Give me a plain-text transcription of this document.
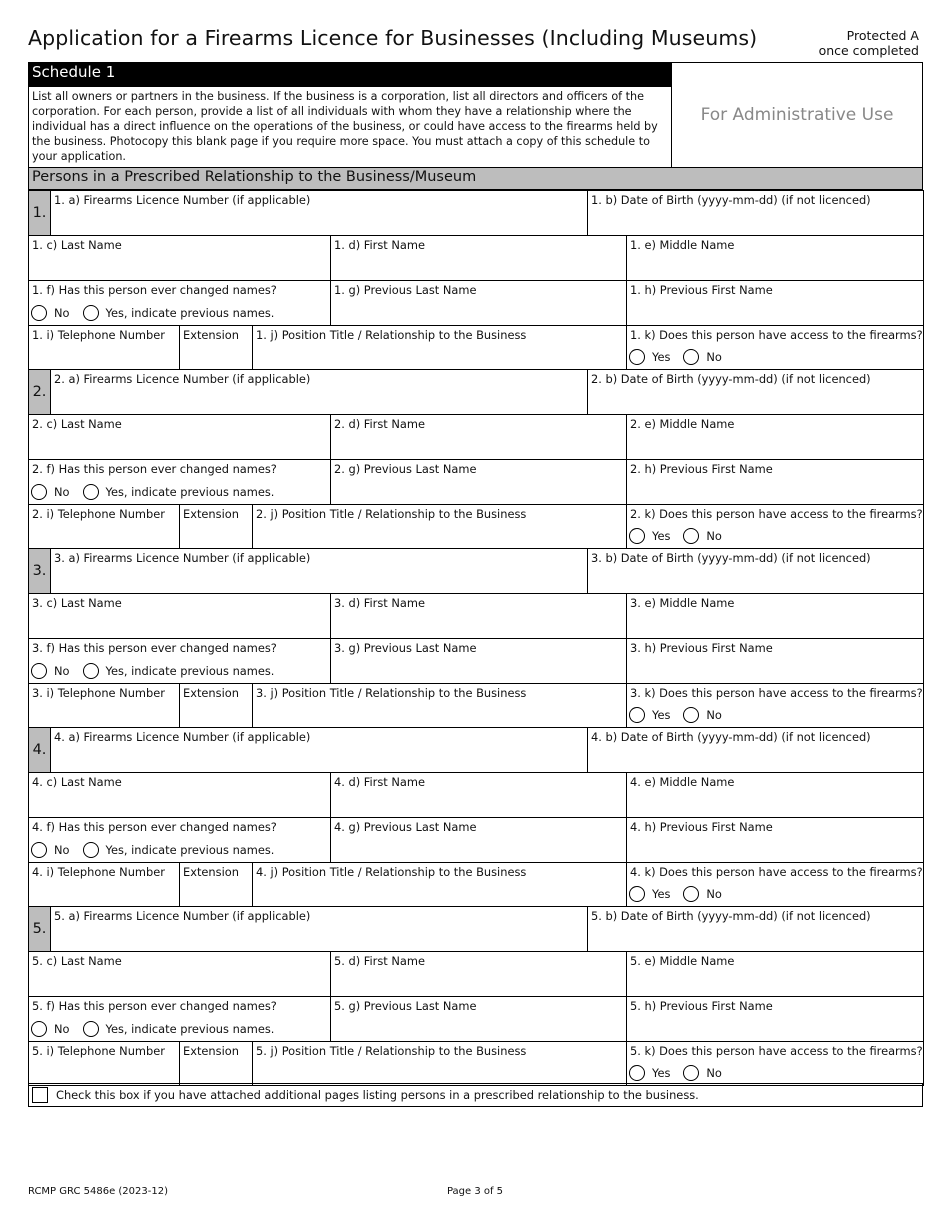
Application for a Firearms Licence for Businesses (Including Museums)	Protected A
once completed
Schedule 1
List all owners or partners in the business. If the business is a corporation, list all directors and officers of the corporation. For each person, provide a list of all individuals with whom they have a relationship where the individual has a direct influence on the operations of the business, or could have access to the firearms held by the business. Photocopy this blank page if you require more space. You must attach a copy of this schedule to your application.
For Administrative Use
Persons in a Prescribed Relationship to the Business/Museum
1.
1. a) Firearms Licence Number (if applicable)	1. b) Date of Birth (yyyy-mm-dd) (if not licenced)
1. c) Last Name	1. d) First Name	1. e) Middle Name
1. f) Has this person ever changed names?
No	Yes, indicate previous names.
1. g) Previous Last Name	1. h) Previous First Name
1. i) Telephone Number	Extension	1. j) Position Title / Relationship to the Business	1. k) Does this person have access to the firearms?
Yes	No
2.
2. a) Firearms Licence Number (if applicable)	2. b) Date of Birth (yyyy-mm-dd) (if not licenced)
2. c) Last Name	2. d) First Name	2. e) Middle Name
2. f) Has this person ever changed names?
No	Yes, indicate previous names.
2. g) Previous Last Name	2. h) Previous First Name
2. i) Telephone Number	Extension	2. j) Position Title / Relationship to the Business	2. k) Does this person have access to the firearms?
Yes	No
3.
3. a) Firearms Licence Number (if applicable)	3. b) Date of Birth (yyyy-mm-dd) (if not licenced)
3. c) Last Name	3. d) First Name	3. e) Middle Name
3. f) Has this person ever changed names?
No	Yes, indicate previous names.
3. g) Previous Last Name	3. h) Previous First Name
3. i) Telephone Number	Extension	3. j) Position Title / Relationship to the Business	3. k) Does this person have access to the firearms?
Yes	No
4.
4. a) Firearms Licence Number (if applicable)	4. b) Date of Birth (yyyy-mm-dd) (if not licenced)
4. c) Last Name	4. d) First Name	4. e) Middle Name
4. f) Has this person ever changed names?
No	Yes, indicate previous names.
4. g) Previous Last Name	4. h) Previous First Name
4. i) Telephone Number	Extension	4. j) Position Title / Relationship to the Business	4. k) Does this person have access to the firearms?
Yes	No
5.
5. a) Firearms Licence Number (if applicable)	5. b) Date of Birth (yyyy-mm-dd) (if not licenced)
5. c) Last Name	5. d) First Name	5. e) Middle Name
5. f) Has this person ever changed names?
No	Yes, indicate previous names.
5. g) Previous Last Name	5. h) Previous First Name
5. i) Telephone Number	Extension	5. j) Position Title / Relationship to the Business	5. k) Does this person have access to the firearms?
Yes	No
Check this box if you have attached additional pages listing persons in a prescribed relationship to the business.
RCMP GRC 5486e (2023-12)	Page 3 of 5
